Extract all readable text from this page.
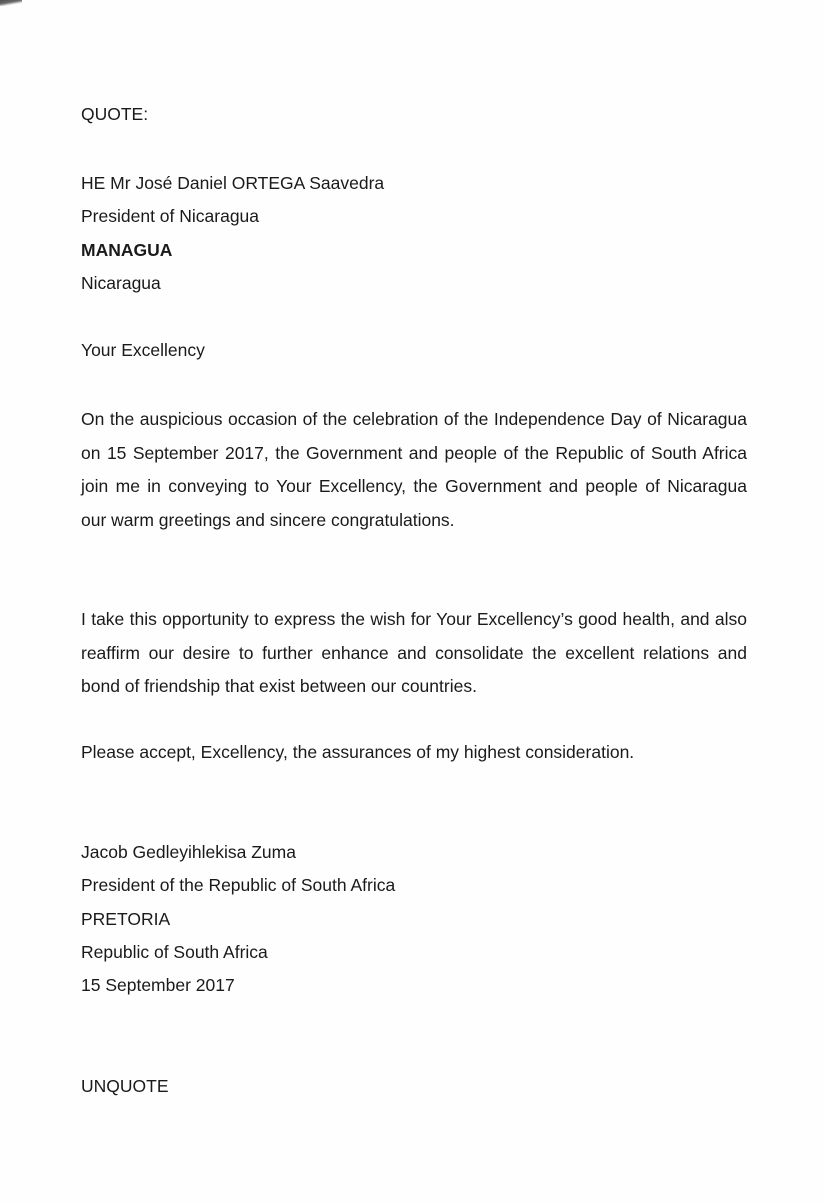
QUOTE:
HE Mr José Daniel ORTEGA Saavedra
President of Nicaragua
MANAGUA
Nicaragua
Your Excellency

On the auspicious occasion of the celebration of the Independence Day of Nicaragua on 15 September 2017, the Government and people of the Republic of South Africa join me in conveying to Your Excellency, the Government and people of Nicaragua our warm greetings and sincere congratulations.

I take this opportunity to express the wish for Your Excellency’s good health, and also reaffirm our desire to further enhance and consolidate the excellent relations and bond of friendship that exist between our countries.

Please accept, Excellency, the assurances of my highest consideration.

Jacob Gedleyihlekisa Zuma
President of the Republic of South Africa
PRETORIA
Republic of South Africa
15 September 2017
UNQUOTE
